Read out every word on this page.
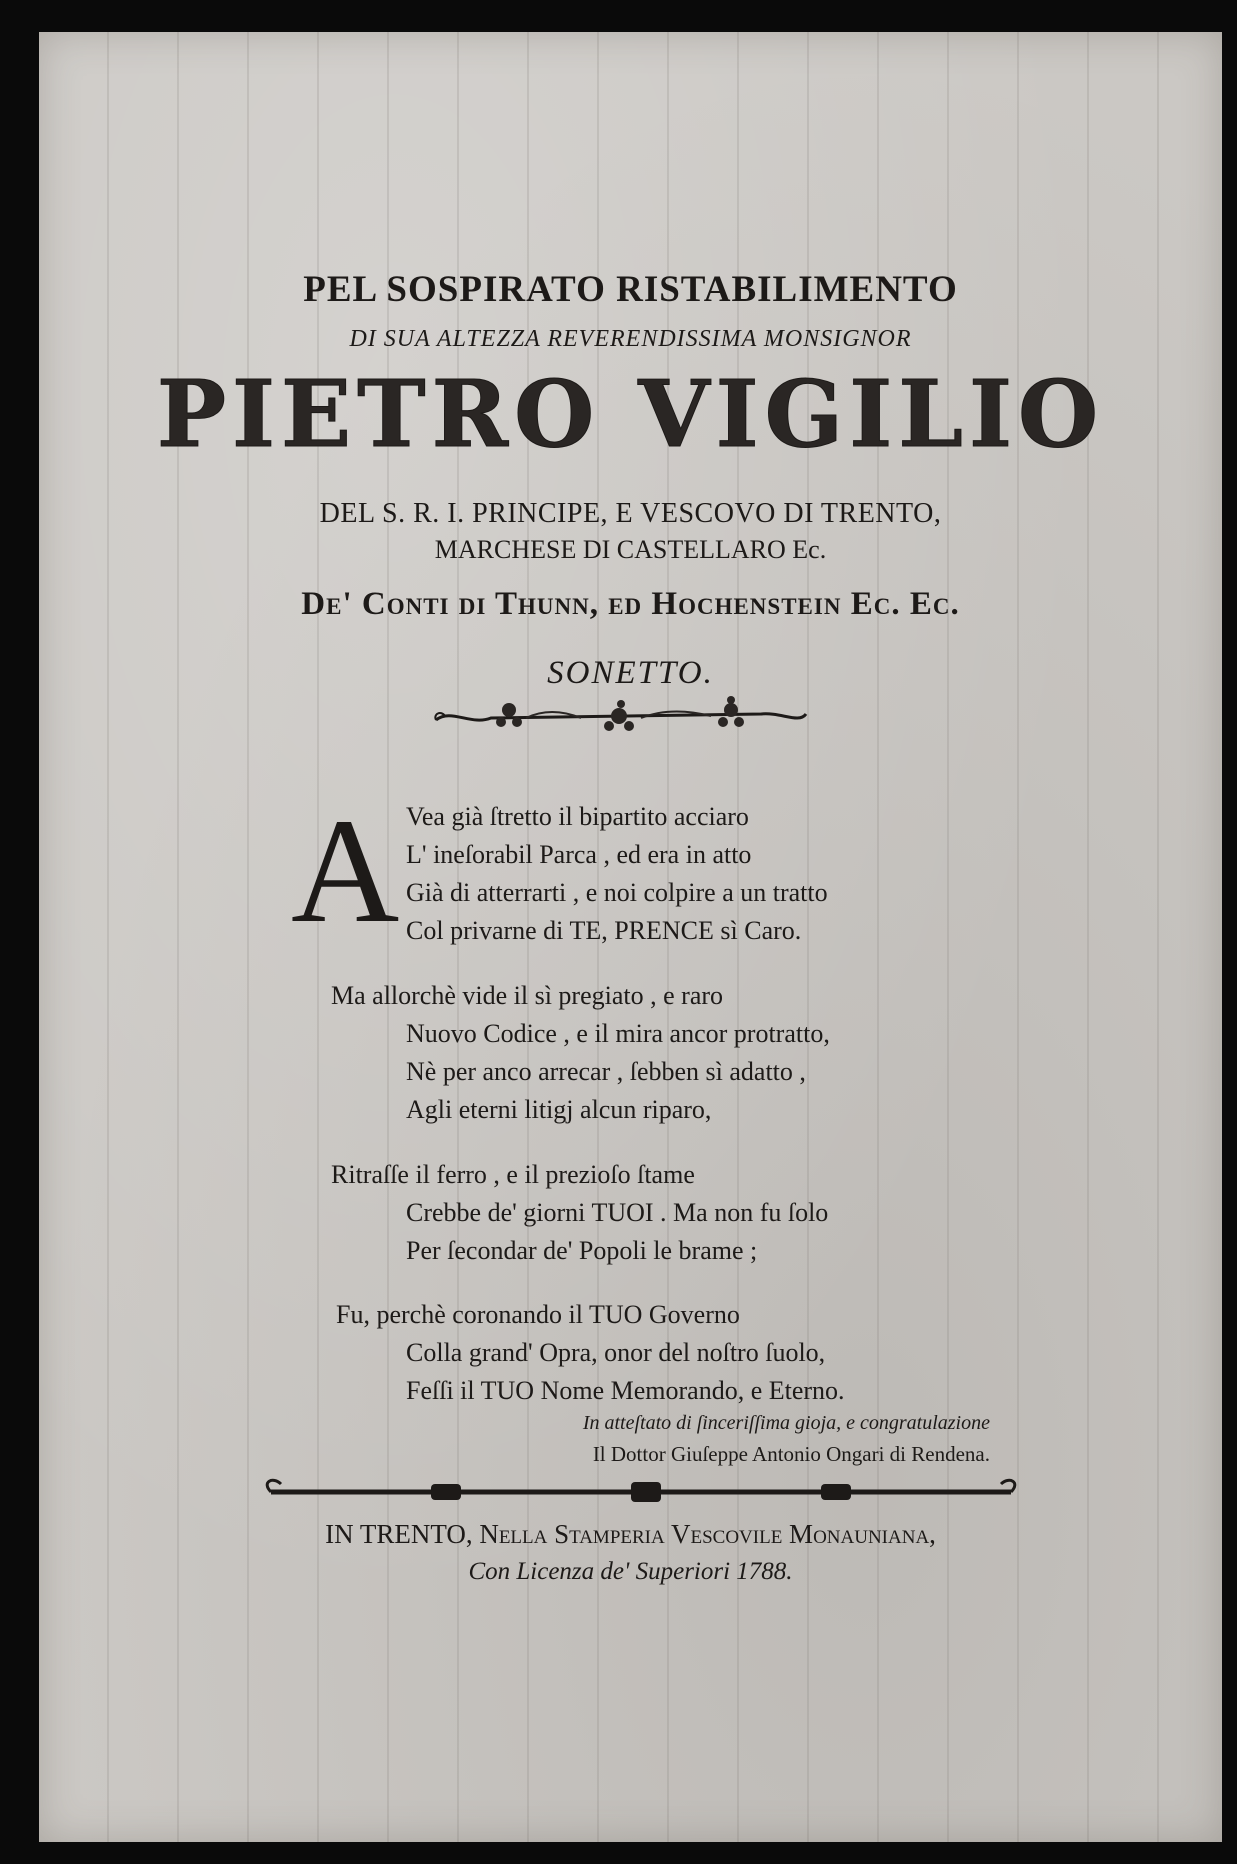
PEL SOSPIRATO RISTABILIMENTO
DI SUA ALTEZZA REVERENDISSIMA MONSIGNOR
PIETRO VIGILIO
DEL S. R. I. PRINCIPE, E VESCOVO DI TRENTO,
MARCHESE DI CASTELLARO Ec.
De' Conti di Thunn, ed Hochenstein Ec. Ec.
SONETTO.
A Vea già ſtretto il bipartito acciaro
L' ineſorabil Parca , ed era in atto
Già di atterrarti , e noi colpire a un tratto
Col privarne di TE, PRENCE sì Caro.
Ma allorchè vide il sì pregiato , e raro
Nuovo Codice , e il mira ancor protratto,
Nè per anco arrecar , ſebben sì adatto ,
Agli eterni litigj alcun riparo,
Ritraſſe il ferro , e il prezioſo ſtame
Crebbe de' giorni TUOI . Ma non fu ſolo
Per ſecondar de' Popoli le brame ;
Fu, perchè coronando il TUO Governo
Colla grand' Opra, onor del noſtro ſuolo,
Feſſi il TUO Nome Memorando, e Eterno.
In atteſtato di ſinceriſſima gioja, e congratulazione
Il Dottor Giuſeppe Antonio Ongari di Rendena.
IN TRENTO, Nella Stamperia Vescovile Monauniana,
Con Licenza de' Superiori 1788.
